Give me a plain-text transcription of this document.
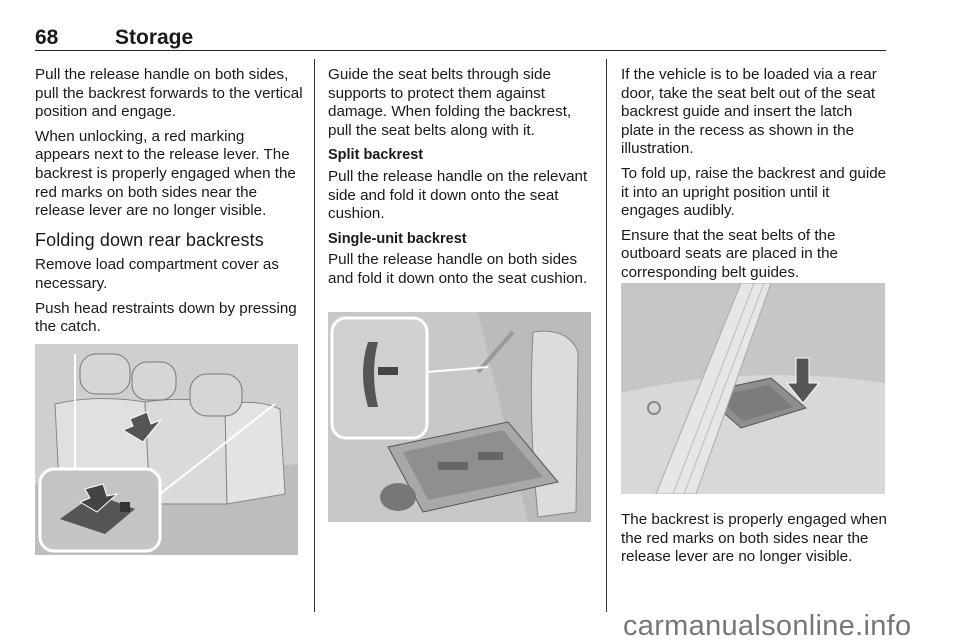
68	Storage

Pull the release handle on both sides, pull the backrest forwards to the vertical position and engage.

When unlocking, a red marking appears next to the release lever. The backrest is properly engaged when the red marks on both sides near the release lever are no longer visible.

Folding down rear backrests

Remove load compartment cover as necessary.

Push head restraints down by pressing the catch.

Guide the seat belts through side supports to protect them against damage. When folding the backrest, pull the seat belts along with it.

Split backrest

Pull the release handle on the relevant side and fold it down onto the seat cushion.

Single-unit backrest

Pull the release handle on both sides and fold it down onto the seat cushion.

If the vehicle is to be loaded via a rear door, take the seat belt out of the seat backrest guide and insert the latch plate in the recess as shown in the illustration.

To fold up, raise the backrest and guide it into an upright position until it engages audibly.

Ensure that the seat belts of the outboard seats are placed in the corresponding belt guides.

The backrest is properly engaged when the red marks on both sides near the release lever are no longer visible.

carmanualsonline.info
